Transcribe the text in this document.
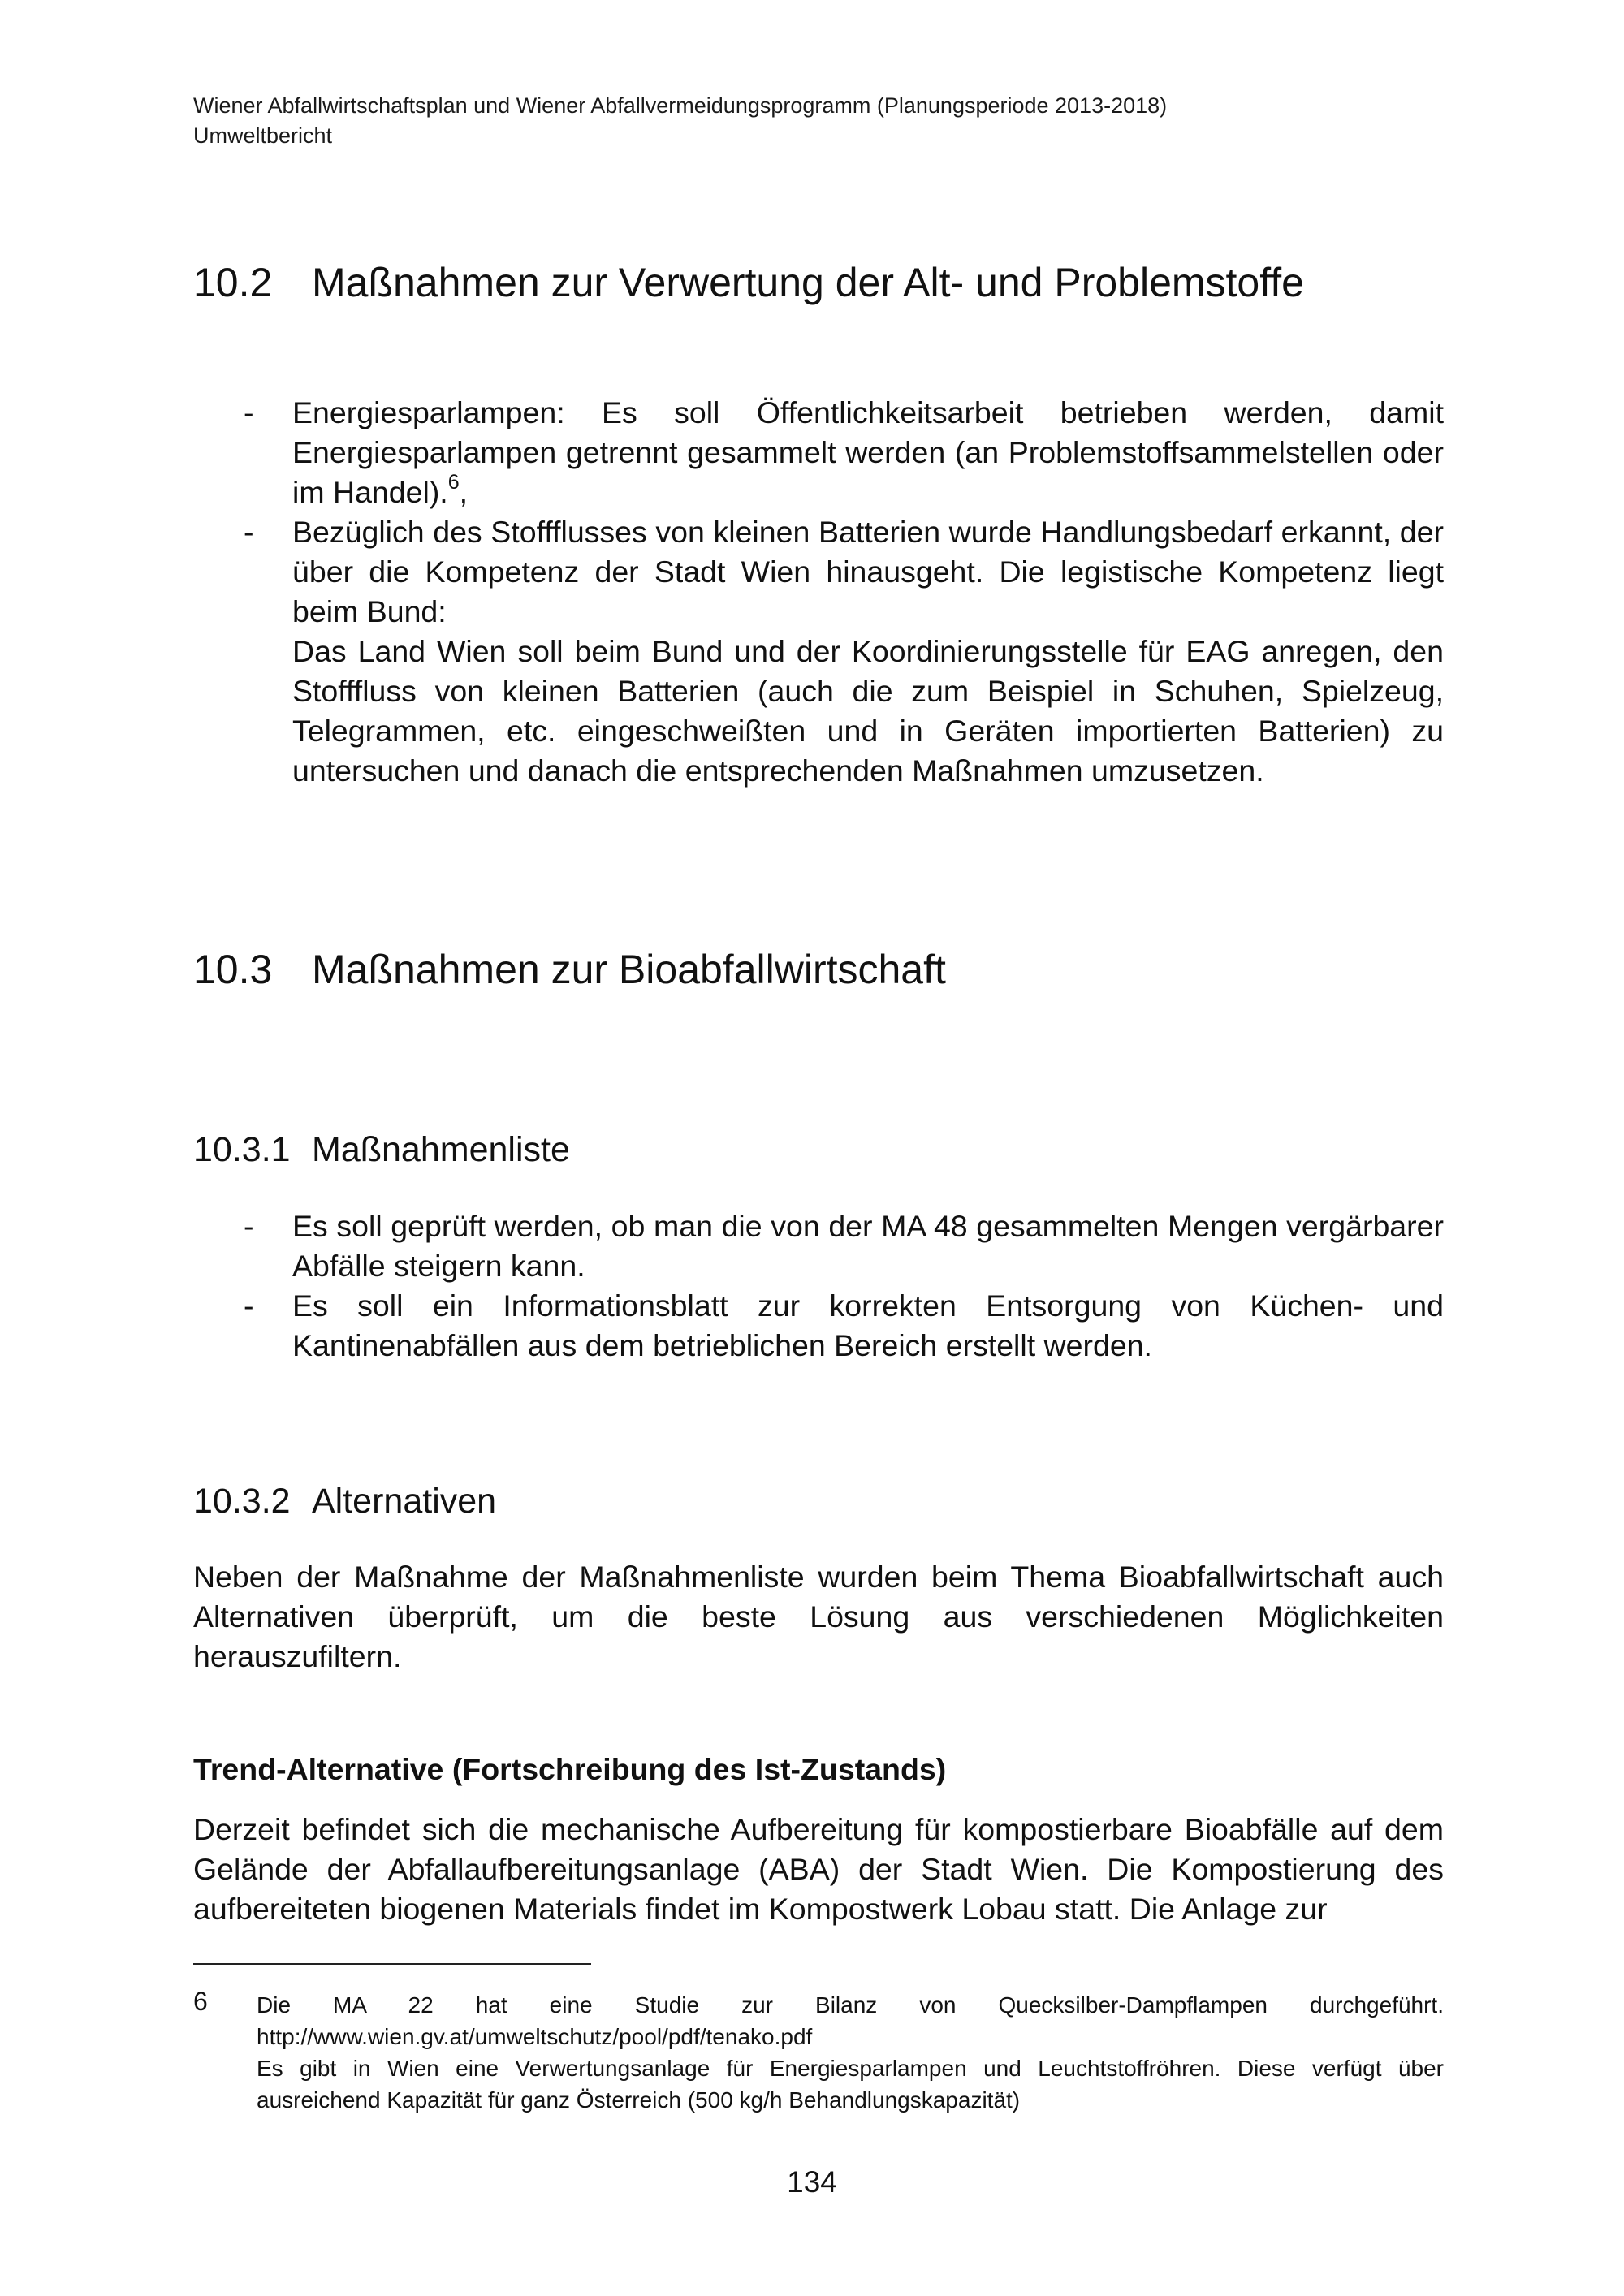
Wiener Abfallwirtschaftsplan und Wiener Abfallvermeidungsprogramm (Planungsperiode 2013-2018)
Umweltbericht
10.2 Maßnahmen zur Verwertung der Alt- und Problemstoffe
- Energiesparlampen: Es soll Öffentlichkeitsarbeit betrieben werden, damit Energiesparlampen getrennt gesammelt werden (an Problemstoffsammelstellen oder im Handel).$^6$,

- Bezüglich des Stoffflusses von kleinen Batterien wurde Handlungsbedarf erkannt, der über die Kompetenz der Stadt Wien hinausgeht. Die legistische Kompetenz liegt beim Bund:

Das Land Wien soll beim Bund und der Koordinierungsstelle für EAG anregen, den Stofffluss von kleinen Batterien (auch die zum Beispiel in Schuhen, Spielzeug, Telegrammen, etc. eingeschweißten und in Geräten importierten Batterien) zu untersuchen und danach die entsprechenden Maßnahmen umzusetzen.

10.3 Maßnahmen zur Bioabfallwirtschaft
10.3.1 Maßnahmenliste
- Es soll geprüft werden, ob man die von der MA 48 gesammelten Mengen vergärbarer Abfälle steigern kann.

- Es soll ein Informationsblatt zur korrekten Entsorgung von Küchen- und Kantinenabfällen aus dem betrieblichen Bereich erstellt werden.

10.3.2 Alternativen

Neben der Maßnahme der Maßnahmenliste wurden beim Thema Bioabfallwirtschaft auch Alternativen überprüft, um die beste Lösung aus verschiedenen Möglichkeiten herauszufiltern.

Trend-Alternative (Fortschreibung des Ist-Zustands)

Derzeit befindet sich die mechanische Aufbereitung für kompostierbare Bioabfälle auf dem Gelände der Abfallaufbereitungsanlage (ABA) der Stadt Wien. Die Kompostierung des aufbereiteten biogenen Materials findet im Kompostwerk Lobau statt. Die Anlage zur

6 Die MA 22 hat eine Studie zur Bilanz von Quecksilber-Dampflampen durchgeführt. http://www.wien.gv.at/umweltschutz/pool/pdf/tenako.pdf

Es gibt in Wien eine Verwertungsanlage für Energiesparlampen und Leuchtstoffröhren. Diese verfügt über ausreichend Kapazität für ganz Österreich (500 kg/h Behandlungskapazität)

134
